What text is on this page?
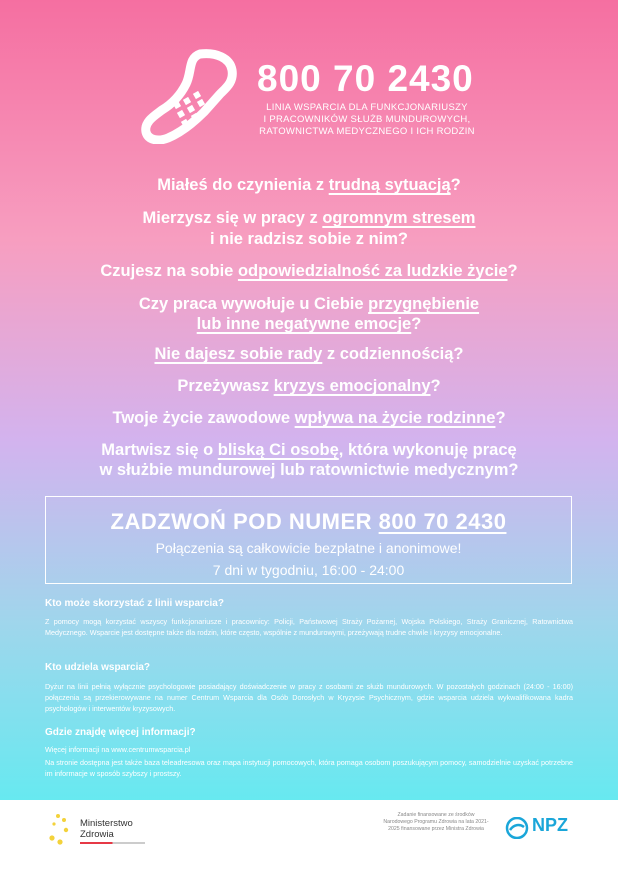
800 70 2430
LINIA WSPARCIA DLA FUNKCJONARIUSZY
I PRACOWNIKÓW SŁUŻB MUNDUROWYCH,
RATOWNICTWA MEDYCZNEGO I ICH RODZIN
Miałeś do czynienia z trudną sytuacją?
Mierzysz się w pracy z ogromnym stresem
i nie radzisz sobie z nim?
Czujesz na sobie odpowiedzialność za ludzkie życie?
Czy praca wywołuje u Ciebie przygnębienie
lub inne negatywne emocje?
Nie dajesz sobie rady z codziennością?
Przeżywasz kryzys emocjonalny?
Twoje życie zawodowe wpływa na życie rodzinne?
Martwisz się o bliską Ci osobę, która wykonuję pracę
w służbie mundurowej lub ratownictwie medycznym?
ZADZWOŃ POD NUMER 800 70 2430
Połączenia są całkowicie bezpłatne i anonimowe!
7 dni w tygodniu, 16:00 - 24:00
Kto może skorzystać z linii wsparcia?
Z pomocy mogą korzystać wszyscy funkcjonariusze i pracownicy: Policji, Państwowej Straży Pożarnej, Wojska Polskiego, Straży Granicznej, Ratownictwa Medycznego. Wsparcie jest dostępne także dla rodzin, które często, wspólnie z mundurowymi, przeżywają trudne chwile i kryzysy emocjonalne.
Kto udziela wsparcia?
Dyżur na linii pełnią wyłącznie psychologowie posiadający doświadczenie w pracy z osobami ze służb mundurowych. W pozostałych godzinach (24:00 - 16:00) połączenia są przekierowywane na numer Centrum Wsparcia dla Osób Dorosłych w Kryzysie Psychicznym, gdzie wsparcia udziela wykwalifikowana kadra psychologów i interwentów kryzysowych.
Gdzie znajdę więcej informacji?
Więcej informacji na www.centrumwsparcia.pl
Na stronie dostępna jest także baza teleadresowa oraz mapa instytucji pomocowych, która pomaga osobom poszukującym pomocy, samodzielnie uzyskać potrzebne im informacje w sposób szybszy i prostszy.
Ministerstwo
Zdrowia
Zadanie finansowane ze środków Narodowego Programu Zdrowia na lata 2021-2025 finansowane przez Ministra Zdrowia	NPZ
